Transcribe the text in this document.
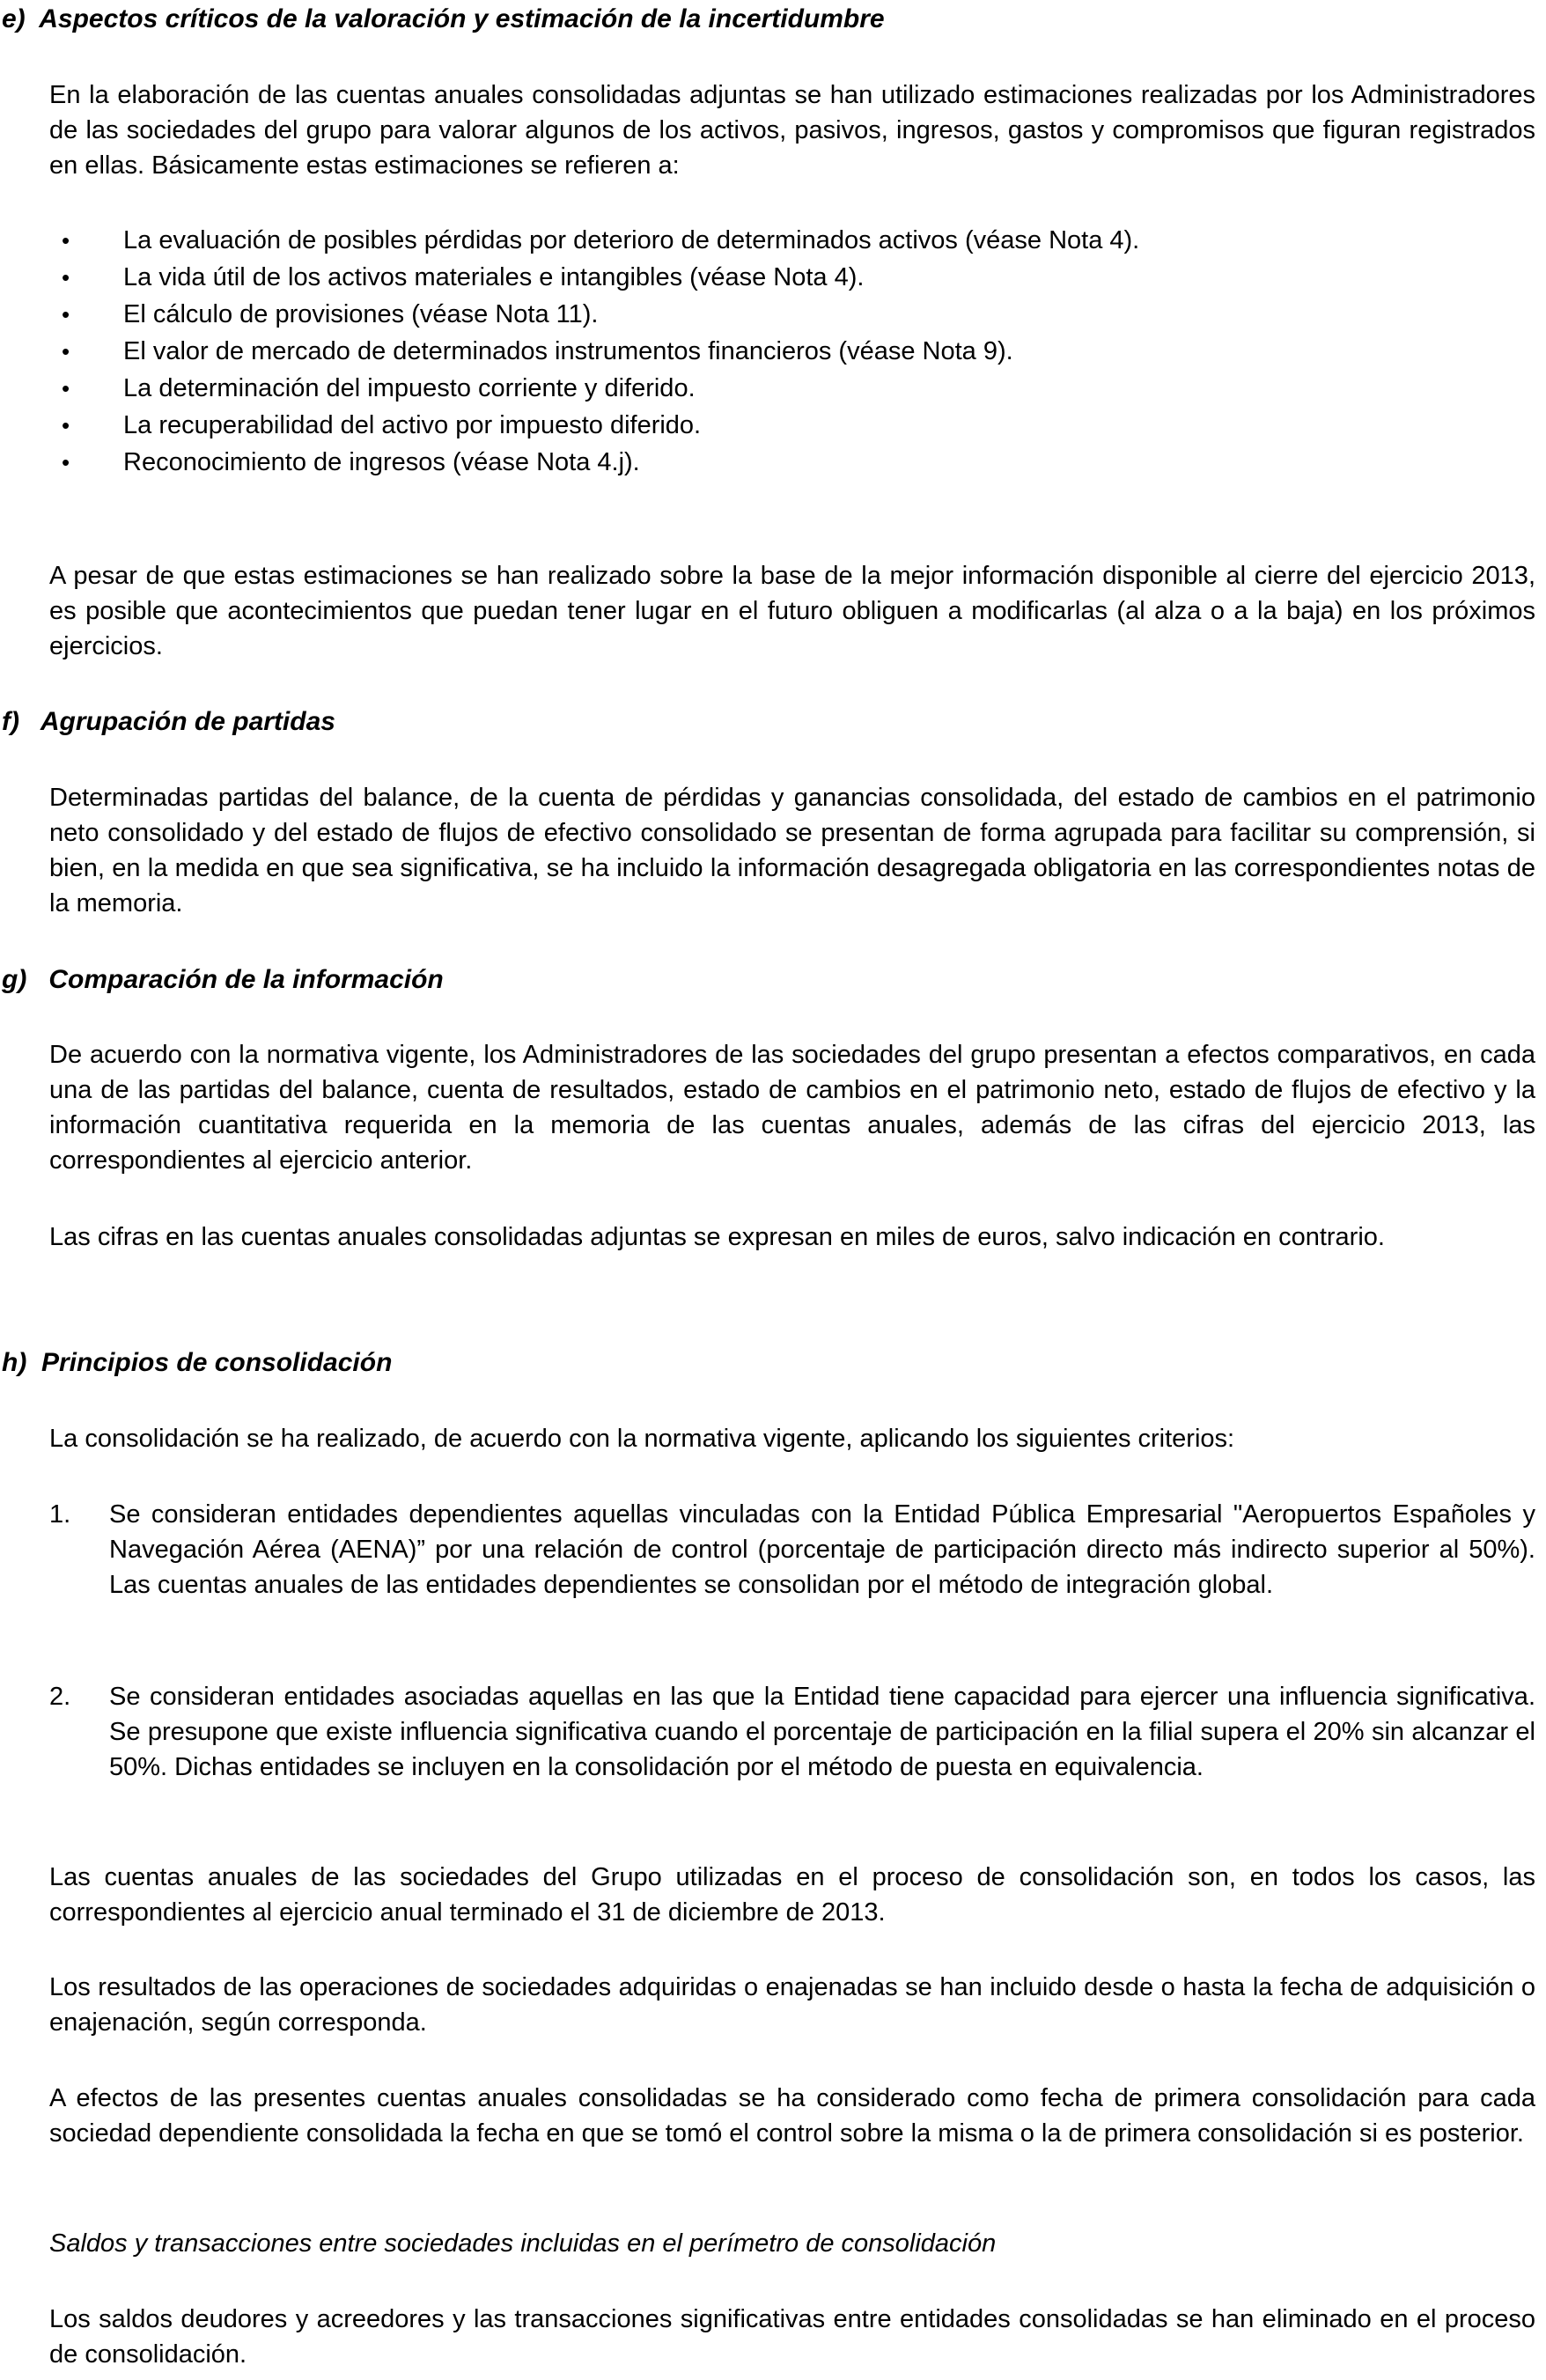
e) Aspectos críticos de la valoración y estimación de la incertidumbre

En la elaboración de las cuentas anuales consolidadas adjuntas se han utilizado estimaciones realizadas por los Administradores de las sociedades del grupo para valorar algunos de los activos, pasivos, ingresos, gastos y compromisos que figuran registrados en ellas. Básicamente estas estimaciones se refieren a:

• La evaluación de posibles pérdidas por deterioro de determinados activos (véase Nota 4).
• La vida útil de los activos materiales e intangibles (véase Nota 4).
• El cálculo de provisiones (véase Nota 11).
• El valor de mercado de determinados instrumentos financieros (véase Nota 9).
• La determinación del impuesto corriente y diferido.
• La recuperabilidad del activo por impuesto diferido.
• Reconocimiento de ingresos (véase Nota 4.j).

A pesar de que estas estimaciones se han realizado sobre la base de la mejor información disponible al cierre del ejercicio 2013, es posible que acontecimientos que puedan tener lugar en el futuro obliguen a modificarlas (al alza o a la baja) en los próximos ejercicios.

f) Agrupación de partidas

Determinadas partidas del balance, de la cuenta de pérdidas y ganancias consolidada, del estado de cambios en el patrimonio neto consolidado y del estado de flujos de efectivo consolidado se presentan de forma agrupada para facilitar su comprensión, si bien, en la medida en que sea significativa, se ha incluido la información desagregada obligatoria en las correspondientes notas de la memoria.

g) Comparación de la información

De acuerdo con la normativa vigente, los Administradores de las sociedades del grupo presentan a efectos comparativos, en cada una de las partidas del balance, cuenta de resultados, estado de cambios en el patrimonio neto, estado de flujos de efectivo y la información cuantitativa requerida en la memoria de las cuentas anuales, además de las cifras del ejercicio 2013, las correspondientes al ejercicio anterior.

Las cifras en las cuentas anuales consolidadas adjuntas se expresan en miles de euros, salvo indicación en contrario.

h) Principios de consolidación

La consolidación se ha realizado, de acuerdo con la normativa vigente, aplicando los siguientes criterios:

1. Se consideran entidades dependientes aquellas vinculadas con la Entidad Pública Empresarial "Aeropuertos Españoles y Navegación Aérea (AENA)” por una relación de control (porcentaje de participación directo más indirecto superior al 50%). Las cuentas anuales de las entidades dependientes se consolidan por el método de integración global.
2. Se consideran entidades asociadas aquellas en las que la Entidad tiene capacidad para ejercer una influencia significativa. Se presupone que existe influencia significativa cuando el porcentaje de participación en la filial supera el 20% sin alcanzar el 50%. Dichas entidades se incluyen en la consolidación por el método de puesta en equivalencia.

Las cuentas anuales de las sociedades del Grupo utilizadas en el proceso de consolidación son, en todos los casos, las correspondientes al ejercicio anual terminado el 31 de diciembre de 2013.

Los resultados de las operaciones de sociedades adquiridas o enajenadas se han incluido desde o hasta la fecha de adquisición o enajenación, según corresponda.

A efectos de las presentes cuentas anuales consolidadas se ha considerado como fecha de primera consolidación para cada sociedad dependiente consolidada la fecha en que se tomó el control sobre la misma o la de primera consolidación si es posterior.

Saldos y transacciones entre sociedades incluidas en el perímetro de consolidación

Los saldos deudores y acreedores y las transacciones significativas entre entidades consolidadas se han eliminado en el proceso de consolidación.
